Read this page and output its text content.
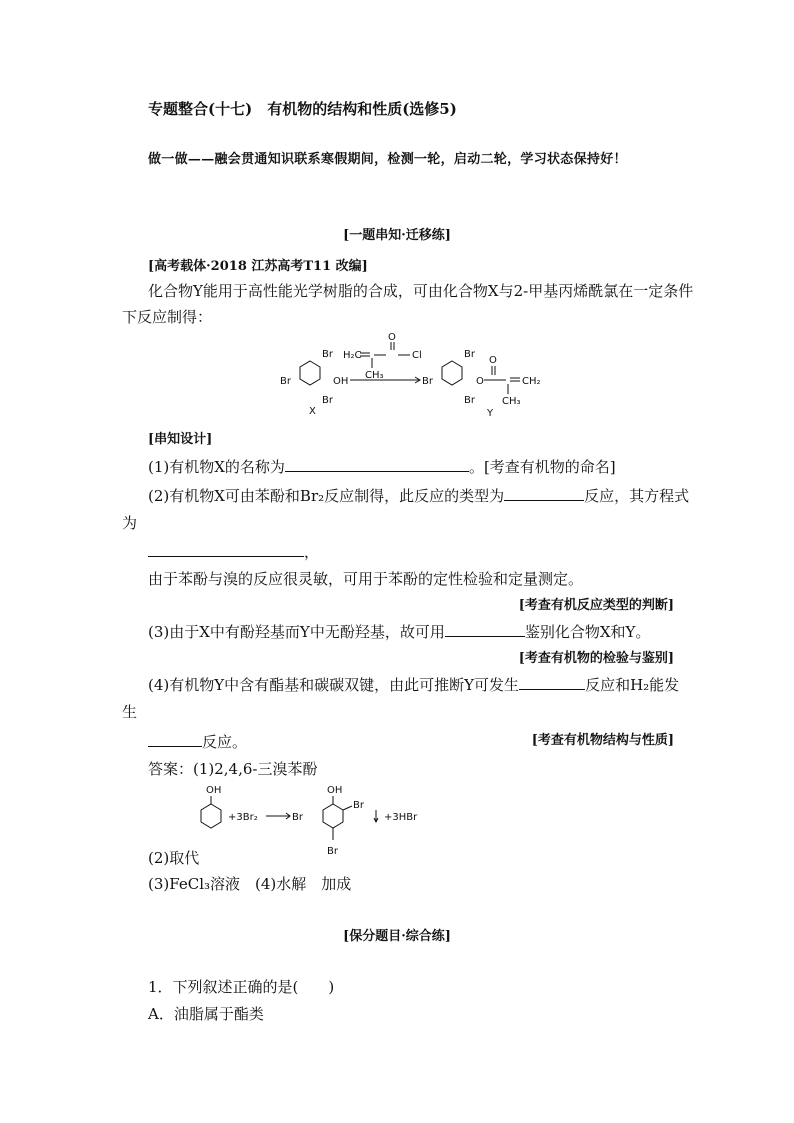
专题整合(十七)　有机物的结构和性质(选修5)
做一做——融会贯通知识联系寒假期间，检测一轮，启动二轮，学习状态保持好！
[一题串知·迁移练]
[高考载体·2018 江苏高考T11 改编]
化合物Y能用于高性能光学树脂的合成，可由化合物X与2-甲基丙烯酰氯在一定条件
下反应制得：
H₂C
CH₃
O
Cl
Br
Br
Br
OH
X
Br
Br
Br
O
O
CH₂
CH₃
Y
[串知设计]
(1)有机物X的名称为	。[考查有机物的命名]
(2)有机物X可由苯酚和Br₂反应制得，此反应的类型为	反应，其方程式
为
，
由于苯酚与溴的反应很灵敏，可用于苯酚的定性检验和定量测定。
[考查有机反应类型的判断]
(3)由于X中有酚羟基而Y中无酚羟基，故可用	鉴别化合物X和Y。
[考查有机物的检验与鉴别]
(4)有机物Y中含有酯基和碳碳双键，由此可推断Y可发生	反应和H₂能发
生
反应。	[考查有机物结构与性质]
答案：(1)2,4,6-三溴苯酚
OH
+3Br₂	Br
OH
Br
Br
+3HBr
(2)取代
(3)FeCl₃溶液　(4)水解　加成
[保分题目·综合练]
1．下列叙述正确的是(　　)
A．油脂属于酯类
